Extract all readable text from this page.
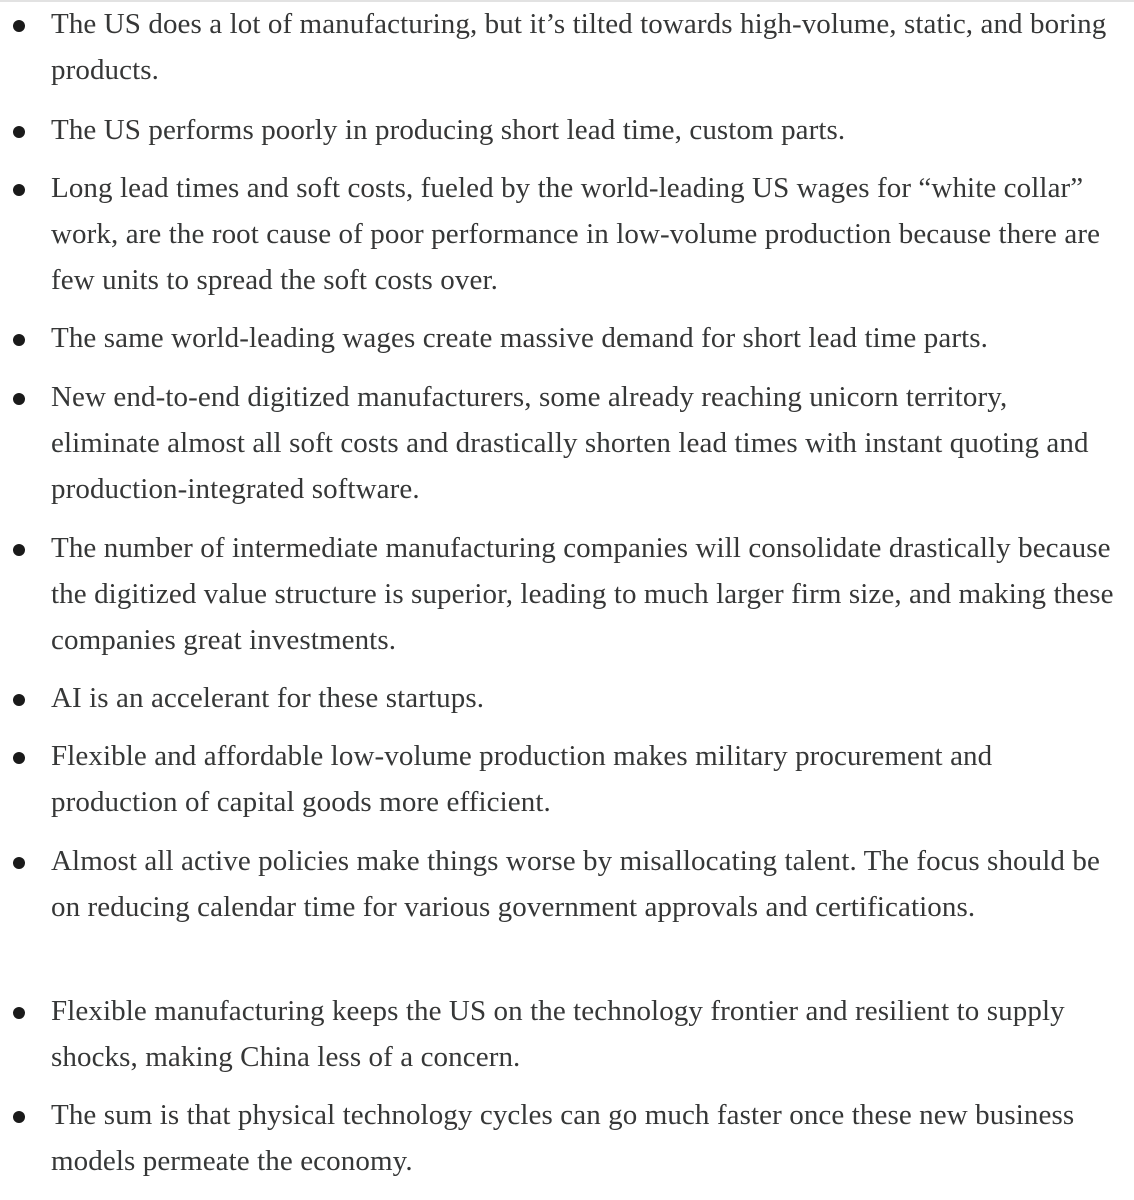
The US does a lot of manufacturing, but it’s tilted towards high-volume, static, and boring products.

The US performs poorly in producing short lead time, custom parts.

Long lead times and soft costs, fueled by the world-leading US wages for “white collar” work, are the root cause of poor performance in low-volume production because there are few units to spread the soft costs over.

The same world-leading wages create massive demand for short lead time parts.

New end-to-end digitized manufacturers, some already reaching unicorn territory, eliminate almost all soft costs and drastically shorten lead times with instant quoting and production-integrated software.

The number of intermediate manufacturing companies will consolidate drastically because the digitized value structure is superior, leading to much larger firm size, and making these companies great investments.

AI is an accelerant for these startups.

Flexible and affordable low-volume production makes military procurement and production of capital goods more efficient.

Almost all active policies make things worse by misallocating talent. The focus should be on reducing calendar time for various government approvals and certifications.

Flexible manufacturing keeps the US on the technology frontier and resilient to supply shocks, making China less of a concern.

The sum is that physical technology cycles can go much faster once these new business models permeate the economy.
